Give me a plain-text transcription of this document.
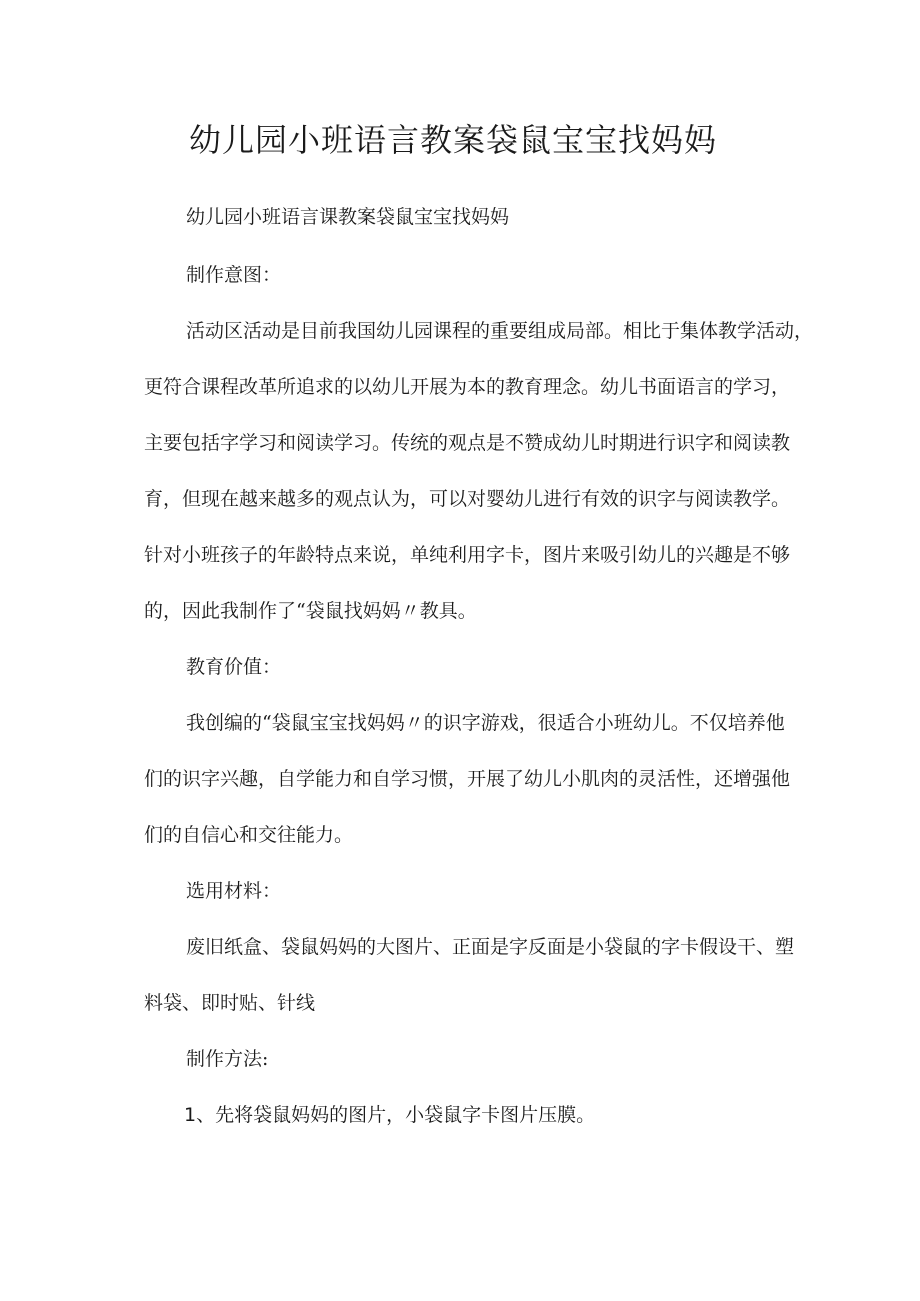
幼儿园小班语言教案袋鼠宝宝找妈妈

幼儿园小班语言课教案袋鼠宝宝找妈妈

制作意图：

活动区活动是目前我国幼儿园课程的重要组成局部。相比于集体教学活动，

更符合课程改革所追求的以幼儿开展为本的教育理念。幼儿书面语言的学习，

主要包括字学习和阅读学习。传统的观点是不赞成幼儿时期进行识字和阅读教

育，但现在越来越多的观点认为，可以对婴幼儿进行有效的识字与阅读教学。

针对小班孩子的年龄特点来说，单纯利用字卡，图片来吸引幼儿的兴趣是不够

的，因此我制作了“袋鼠找妈妈〃教具。

教育价值：

我创编的“袋鼠宝宝找妈妈〃的识字游戏，很适合小班幼儿。不仅培养他

们的识字兴趣，自学能力和自学习惯，开展了幼儿小肌肉的灵活性，还增强他

们的自信心和交往能力。

选用材料：

废旧纸盒、袋鼠妈妈的大图片、正面是字反面是小袋鼠的字卡假设干、塑

料袋、即时贴、针线

制作方法:

1、先将袋鼠妈妈的图片，小袋鼠字卡图片压膜。
